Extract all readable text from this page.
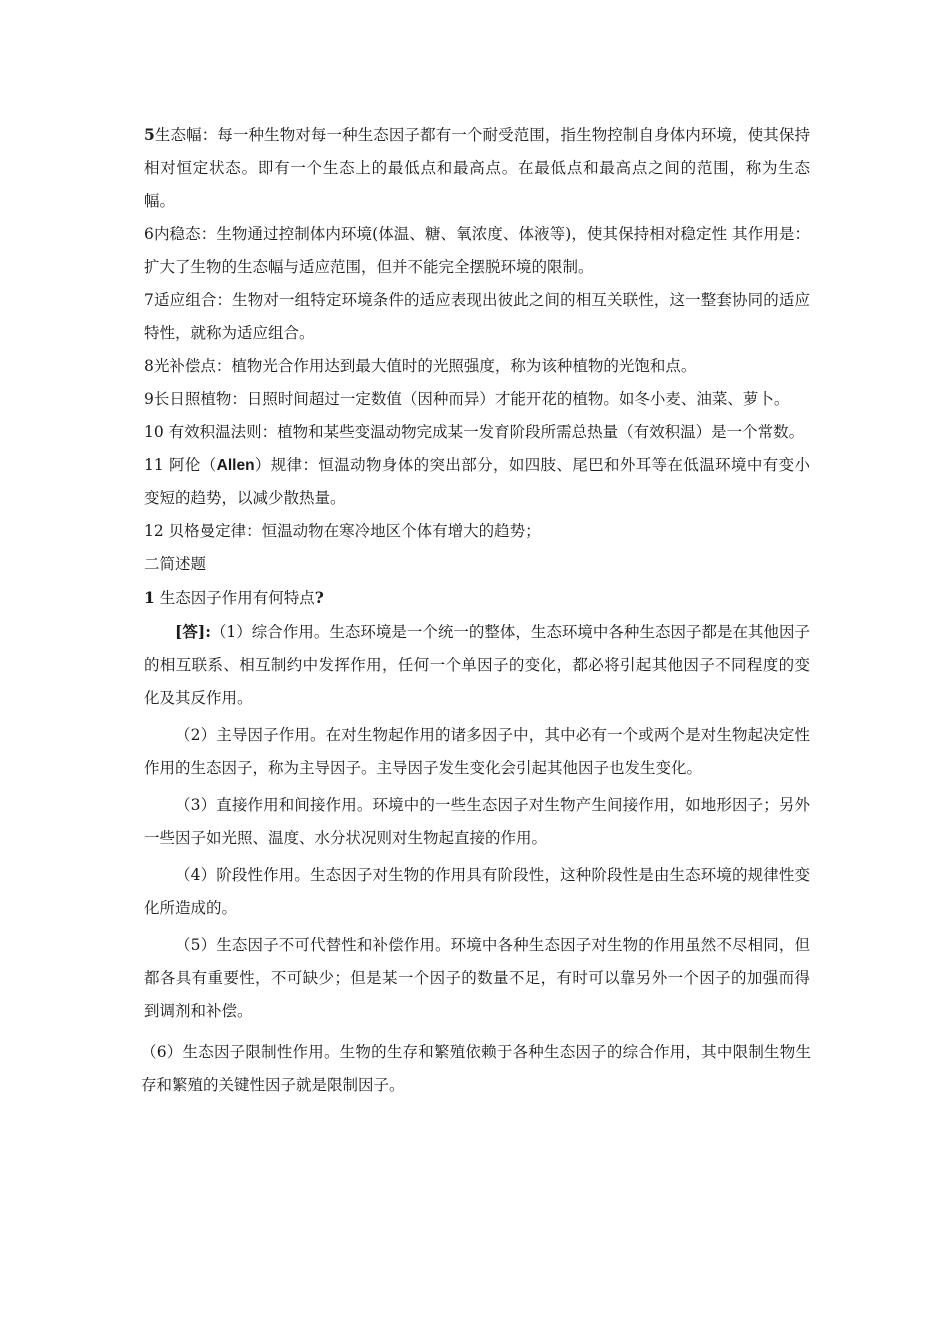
5生态幅：每一种生物对每一种生态因子都有一个耐受范围，指生物控制自身体内环境，使其保持相对恒定状态。即有一个生态上的最低点和最高点。在最低点和最高点之间的范围，称为生态幅。

6内稳态：生物通过控制体内环境(体温、糖、氧浓度、体液等)，使其保持相对稳定性 其作用是：扩大了生物的生态幅与适应范围，但并不能完全摆脱环境的限制。

7适应组合：生物对一组特定环境条件的适应表现出彼此之间的相互关联性，这一整套协同的适应特性，就称为适应组合。

8光补偿点：植物光合作用达到最大值时的光照强度，称为该种植物的光饱和点。

9长日照植物：日照时间超过一定数值（因种而异）才能开花的植物。如冬小麦、油菜、萝卜。

10 有效积温法则：植物和某些变温动物完成某一发育阶段所需总热量（有效积温）是一个常数。

11 阿伦（Allen）规律：恒温动物身体的突出部分，如四肢、尾巴和外耳等在低温环境中有变小变短的趋势，以减少散热量。

12 贝格曼定律：恒温动物在寒冷地区个体有增大的趋势；

二简述题

1 生态因子作用有何特点?

[答]:（1）综合作用。生态环境是一个统一的整体，生态环境中各种生态因子都是在其他因子的相互联系、相互制约中发挥作用，任何一个单因子的变化，都必将引起其他因子不同程度的变化及其反作用。

（2）主导因子作用。在对生物起作用的诸多因子中，其中必有一个或两个是对生物起决定性作用的生态因子，称为主导因子。主导因子发生变化会引起其他因子也发生变化。

（3）直接作用和间接作用。环境中的一些生态因子对生物产生间接作用，如地形因子；另外一些因子如光照、温度、水分状况则对生物起直接的作用。

（4）阶段性作用。生态因子对生物的作用具有阶段性，这种阶段性是由生态环境的规律性变化所造成的。

（5）生态因子不可代替性和补偿作用。环境中各种生态因子对生物的作用虽然不尽相同，但都各具有重要性，不可缺少；但是某一个因子的数量不足，有时可以靠另外一个因子的加强而得到调剂和补偿。

（6）生态因子限制性作用。生物的生存和繁殖依赖于各种生态因子的综合作用，其中限制生物生存和繁殖的关键性因子就是限制因子。
